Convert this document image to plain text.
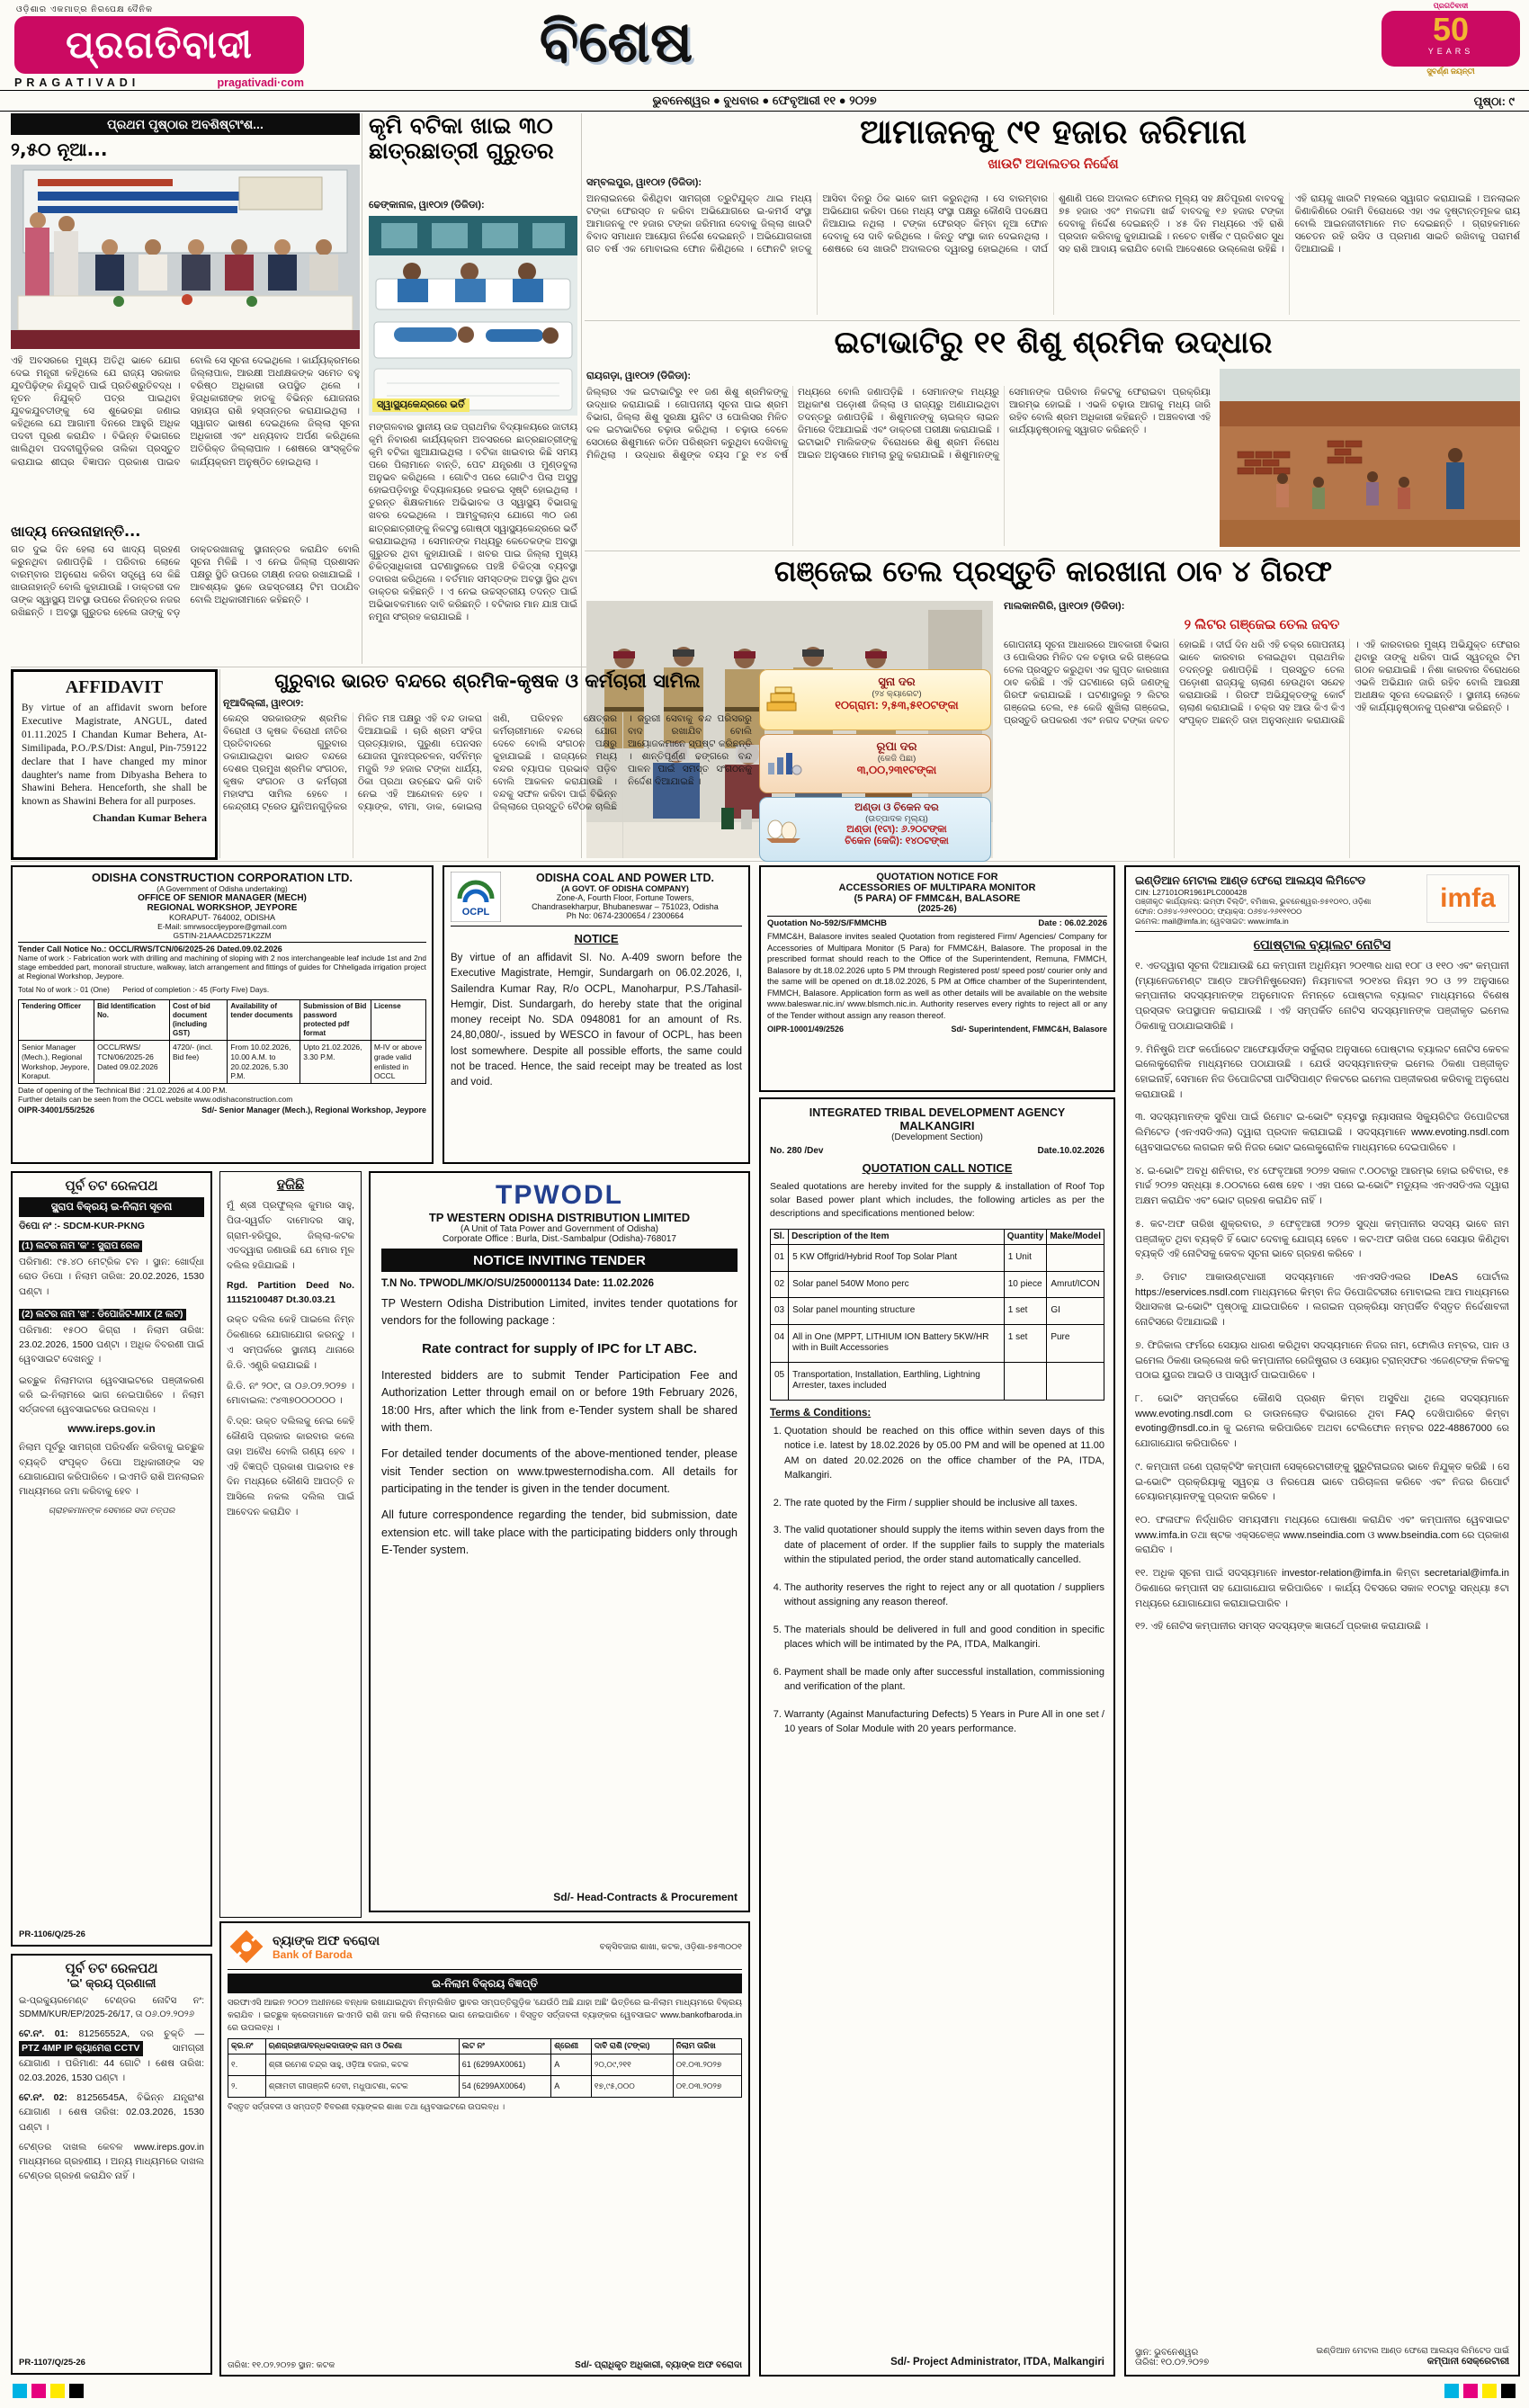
ଓଡ଼ିଶାର ଏକମାତ୍ର ନିରପେକ୍ଷ ଦୈନିକ
ପ୍ରଗତିବାଦୀ
PRAGATIVADI	pragativadi·com
ବିଶେଷ
ପ୍ରଗତିବାଦୀ
50
YEARS
ସୁବର୍ଣ୍ଣ ଜୟନ୍ତୀ
ଭୁବନେଶ୍ୱର ● ବୁଧବାର ● ଫେବୃଆରୀ ୧୧ ● ୨୦୨୭	ପୃଷ୍ଠା: ୯
ପ୍ରଥମ ପୃଷ୍ଠାର ଅବଶିଷ୍ଟାଂଶ...
୨,୫୦ ନୂଆ...
ଏହି ଅବସରରେ ମୁଖ୍ୟ ଅତିଥି ଭାବେ ଯୋଗ ଦେଇ ମନ୍ତ୍ରୀ କହିଥିଲେ ଯେ ରାଜ୍ୟ ସରକାର ଯୁବପିଢ଼ିଙ୍କ ନିଯୁକ୍ତି ପାଇଁ ପ୍ରତିଶ୍ରୁତିବଦ୍ଧ । ନୂତନ ନିଯୁକ୍ତି ପତ୍ର ପାଇଥିବା ଯୁବକଯୁବତୀଙ୍କୁ ସେ ଶୁଭେଚ୍ଛା ଜଣାଇ କହିଥିଲେ ଯେ ଆଗାମୀ ଦିନରେ ଆହୁରି ଅଧିକ ପଦବୀ ପୂରଣ କରାଯିବ । ବିଭିନ୍ନ ବିଭାଗରେ ଖାଲିଥିବା ପଦବୀଗୁଡ଼ିକର ତାଲିକା ପ୍ରସ୍ତୁତ କରାଯାଇ ଶୀଘ୍ର ବିଜ୍ଞାପନ ପ୍ରକାଶ ପାଇବ ବୋଲି ସେ ସୂଚନା ଦେଇଥିଲେ । କାର୍ଯ୍ୟକ୍ରମରେ ଜିଲ୍ଲାପାଳ, ଆରକ୍ଷୀ ଅଧୀକ୍ଷକଙ୍କ ସମେତ ବହୁ ବରିଷ୍ଠ ଅଧିକାରୀ ଉପସ୍ଥିତ ଥିଲେ । ହିତାଧିକାରୀଙ୍କ ହାତକୁ ବିଭିନ୍ନ ଯୋଜନାର ସହାୟତା ରାଶି ହସ୍ତାନ୍ତର କରାଯାଇଥିଲା । ସ୍ୱାଗତ ଭାଷଣ ଦେଇଥିଲେ ଜିଲ୍ଲା ସୂଚନା ଅଧିକାରୀ ଏବଂ ଧନ୍ୟବାଦ ଅର୍ପଣ କରିଥିଲେ ଅତିରିକ୍ତ ଜିଲ୍ଲାପାଳ । ଶେଷରେ ସାଂସ୍କୃତିକ କାର୍ଯ୍ୟକ୍ରମ ଅନୁଷ୍ଠିତ ହୋଇଥିଲା ।
ଖାଦ୍ୟ ନେଉନାହାନ୍ତି...
ଗତ ଦୁଇ ଦିନ ହେଲା ସେ ଖାଦ୍ୟ ଗ୍ରହଣ କରୁନଥିବା ଜଣାପଡ଼ିଛି । ପରିବାର ଲୋକେ ବାରମ୍ବାର ଅନୁରୋଧ କରିବା ସତ୍ତ୍ୱେ ସେ କିଛି ଖାଉନାହାନ୍ତି ବୋଲି କୁହାଯାଉଛି । ଡାକ୍ତରୀ ଦଳ ତାଙ୍କ ସ୍ୱାସ୍ଥ୍ୟ ଅବସ୍ଥା ଉପରେ ନିରନ୍ତର ନଜର ରଖିଛନ୍ତି । ଅବସ୍ଥା ଗୁରୁତର ହେଲେ ତାଙ୍କୁ ବଡ଼ ଡାକ୍ତରଖାନାକୁ ସ୍ଥାନାନ୍ତର କରାଯିବ ବୋଲି ସୂଚନା ମିଳିଛି । ଏ ନେଇ ଜିଲ୍ଲା ପ୍ରଶାସନ ପକ୍ଷରୁ ସ୍ଥିତି ଉପରେ ତୀକ୍ଷ୍ଣ ନଜର ରଖାଯାଇଛି । ଆବଶ୍ୟକ ସ୍ଥଳେ ଉଚ୍ଚସ୍ତରୀୟ ଟିମ ପଠାଯିବ ବୋଲି ଅଧିକାରୀମାନେ କହିଛନ୍ତି ।
କୃମି ବଟିକା ଖାଇ ୩୦ ଛାତ୍ରଛାତ୍ରୀ ଗୁରୁତର
ଢେଙ୍କାନାଳ, ୱା୧୦ା୨ (ଡିଜିଡା):
ସ୍ୱାସ୍ଥ୍ୟକେନ୍ଦ୍ରରେ ଭର୍ତି
ମଙ୍ଗଳବାର ସ୍ଥାନୀୟ ଉଚ୍ଚ ପ୍ରାଥମିକ ବିଦ୍ୟାଳୟରେ ଜାତୀୟ କୃମି ନିବାରଣ କାର୍ଯ୍ୟକ୍ରମ ଅବସରରେ ଛାତ୍ରଛାତ୍ରୀଙ୍କୁ କୃମି ବଟିକା ଖୁଆଯାଇଥିଲା । ବଟିକା ଖାଇବାର କିଛି ସମୟ ପରେ ପିଲାମାନେ ବାନ୍ତି, ପେଟ ଯନ୍ତ୍ରଣା ଓ ମୁଣ୍ଡବୁଲା ଅନୁଭବ କରିଥିଲେ । ଗୋଟିଏ ପରେ ଗୋଟିଏ ପିଲା ଅସୁସ୍ଥ ହୋଇପଡ଼ିବାରୁ ବିଦ୍ୟାଳୟରେ ହଇଚଇ ସୃଷ୍ଟି ହୋଇଥିଲା । ତୁରନ୍ତ ଶିକ୍ଷକମାନେ ଅଭିଭାବକ ଓ ସ୍ୱାସ୍ଥ୍ୟ ବିଭାଗକୁ ଖବର ଦେଇଥିଲେ । ଆମ୍ବୁଲାନ୍ସ ଯୋଗେ ୩୦ ଜଣ ଛାତ୍ରଛାତ୍ରୀଙ୍କୁ ନିକଟସ୍ଥ ଗୋଷ୍ଠୀ ସ୍ୱାସ୍ଥ୍ୟକେନ୍ଦ୍ରରେ ଭର୍ତି କରାଯାଇଥିଲା । ସେମାନଙ୍କ ମଧ୍ୟରୁ କେତେକଙ୍କ ଅବସ୍ଥା ଗୁରୁତର ଥିବା କୁହାଯାଉଛି । ଖବର ପାଇ ଜିଲ୍ଲା ମୁଖ୍ୟ ଚିକିତ୍ସାଧିକାରୀ ଘଟଣାସ୍ଥଳରେ ପହଞ୍ଚି ଚିକିତ୍ସା ବ୍ୟବସ୍ଥା ତଦାରଖ କରିଥିଲେ । ବର୍ତମାନ ସମସ୍ତଙ୍କ ଅବସ୍ଥା ସ୍ଥିର ଥିବା ଡାକ୍ତର କହିଛନ୍ତି । ଏ ନେଇ ଉଚ୍ଚସ୍ତରୀୟ ତଦନ୍ତ ପାଇଁ ଅଭିଭାବକମାନେ ଦାବି କରିଛନ୍ତି । ବଟିକାର ମାନ ଯାଞ୍ଚ ପାଇଁ ନମୁନା ସଂଗ୍ରହ କରାଯାଇଛି ।
ଆମାଜନକୁ ୯୧ ହଜାର ଜରିମାନା
ଖାଉଟି ଅଦାଲତର ନିର୍ଦ୍ଦେଶ
ସମ୍ବଲପୁର, ୱା୧୦ା୨ (ଡିଜିଡା):
ଅନଲାଇନରେ କିଣିଥିବା ସାମଗ୍ରୀ ତ୍ରୁଟିଯୁକ୍ତ ଥାଇ ମଧ୍ୟ ଟଙ୍କା ଫେରସ୍ତ ନ କରିବା ଅଭିଯୋଗରେ ଇ-କମର୍ସ ସଂସ୍ଥା ଆମାଜନକୁ ୯୧ ହଜାର ଟଙ୍କା ଜରିମାନା ଦେବାକୁ ଜିଲ୍ଲା ଖାଉଟି ବିବାଦ ସମାଧାନ ଆୟୋଗ ନିର୍ଦ୍ଦେଶ ଦେଇଛନ୍ତି । ଅଭିଯୋଗକାରୀ ଗତ ବର୍ଷ ଏକ ମୋବାଇଲ ଫୋନ କିଣିଥିଲେ । ଫୋନଟି ହାତକୁ ଆସିବା ଦିନରୁ ଠିକ ଭାବେ କାମ କରୁନଥିଲା । ସେ ବାରମ୍ବାର ଅଭିଯୋଗ କରିବା ପରେ ମଧ୍ୟ ସଂସ୍ଥା ପକ୍ଷରୁ କୌଣସି ପଦକ୍ଷେପ ନିଆଯାଇ ନଥିଲା । ଟଙ୍କା ଫେରସ୍ତ କିମ୍ବା ନୂଆ ଫୋନ ଦେବାକୁ ସେ ଦାବି କରିଥିଲେ । କିନ୍ତୁ ସଂସ୍ଥା କାନ ଦେଇନଥିଲା । ଶେଷରେ ସେ ଖାଉଟି ଅଦାଲତର ଦ୍ୱାରସ୍ଥ ହୋଇଥିଲେ । ଦୀର୍ଘ ଶୁଣାଣି ପରେ ଅଦାଲତ ଫୋନର ମୂଲ୍ୟ ସହ କ୍ଷତିପୂରଣ ବାବଦକୁ ୭୫ ହଜାର ଏବଂ ମକଦ୍ଦମା ଖର୍ଚ୍ଚ ବାବଦକୁ ୧୬ ହଜାର ଟଙ୍କା ଦେବାକୁ ନିର୍ଦ୍ଦେଶ ଦେଇଛନ୍ତି । ୪୫ ଦିନ ମଧ୍ୟରେ ଏହି ରାଶି ପ୍ରଦାନ କରିବାକୁ କୁହାଯାଇଛି । ନଚେତ ବାର୍ଷିକ ୯ ପ୍ରତିଶତ ସୁଧ ସହ ରାଶି ଆଦାୟ କରାଯିବ ବୋଲି ଆଦେଶରେ ଉଲ୍ଲେଖ ରହିଛି । ଏହି ରାୟକୁ ଖାଉଟି ମହଲରେ ସ୍ୱାଗତ କରାଯାଇଛି । ଅନଲାଇନ କିଣାକିଣିରେ ଠକାମି ବିରୋଧରେ ଏହା ଏକ ଦୃଷ୍ଟାନ୍ତମୂଳକ ରାୟ ବୋଲି ଆଇନଜୀବୀମାନେ ମତ ଦେଇଛନ୍ତି । ଗ୍ରାହକମାନେ ସଚେତନ ରହି ରସିଦ ଓ ପ୍ରମାଣ ସାଇତି ରଖିବାକୁ ପରାମର୍ଶ ଦିଆଯାଇଛି ।
ଇଟାଭାଟିରୁ ୧୧ ଶିଶୁ ଶ୍ରମିକ ଉଦ୍ଧାର
ରାୟଗଡ଼ା, ୱା୧୦ା୨ (ଡିଜିଡା):
ଜିଲ୍ଲାର ଏକ ଇଟାଭାଟିରୁ ୧୧ ଜଣ ଶିଶୁ ଶ୍ରମିକଙ୍କୁ ଉଦ୍ଧାର କରାଯାଇଛି । ଗୋପନୀୟ ସୂଚନା ପାଇ ଶ୍ରମ ବିଭାଗ, ଜିଲ୍ଲା ଶିଶୁ ସୁରକ୍ଷା ୟୁନିଟ ଓ ପୋଲିସର ମିଳିତ ଦଳ ଇଟାଭାଟିରେ ଚଢ଼ାଉ କରିଥିଲା । ଚଢ଼ାଉ ବେଳେ ସେଠାରେ ଶିଶୁମାନେ କଠିନ ପରିଶ୍ରମ କରୁଥିବା ଦେଖିବାକୁ ମିଳିଥିଲା । ଉଦ୍ଧାର ଶିଶୁଙ୍କ ବୟସ ୮ରୁ ୧୪ ବର୍ଷ ମଧ୍ୟରେ ବୋଲି ଜଣାପଡ଼ିଛି । ସେମାନଙ୍କ ମଧ୍ୟରୁ ଅଧିକାଂଶ ପଡ଼ୋଶୀ ଜିଲ୍ଲା ଓ ରାଜ୍ୟରୁ ଅଣାଯାଇଥିବା ତଦନ୍ତରୁ ଜଣାପଡ଼ିଛି । ଶିଶୁମାନଙ୍କୁ ଚାଇଲ୍ଡ ଲାଇନ ଜିମାରେ ଦିଆଯାଇଛି ଏବଂ ଡାକ୍ତରୀ ପରୀକ୍ଷା କରାଯାଇଛି । ଇଟାଭାଟି ମାଲିକଙ୍କ ବିରୋଧରେ ଶିଶୁ ଶ୍ରମ ନିରୋଧ ଆଇନ ଅନୁସାରେ ମାମଲା ରୁଜୁ କରାଯାଇଛି । ଶିଶୁମାନଙ୍କୁ ସେମାନଙ୍କ ପରିବାର ନିକଟକୁ ଫେରାଇବା ପ୍ରକ୍ରିୟା ଆରମ୍ଭ ହୋଇଛି । ଏଭଳି ଚଢ଼ାଉ ଆଗକୁ ମଧ୍ୟ ଜାରି ରହିବ ବୋଲି ଶ୍ରମ ଅଧିକାରୀ କହିଛନ୍ତି । ଅଞ୍ଚଳବାସୀ ଏହି କାର୍ଯ୍ୟାନୁଷ୍ଠାନକୁ ସ୍ୱାଗତ କରିଛନ୍ତି ।
ଗଞ୍ଜେଇ ତେଲ ପ୍ରସ୍ତୁତି କାରଖାନା ଠାବ ୪ ଗିରଫ
ମାଲକାନଗିରି, ୱା୧୦ା୨ (ଡିଜିଡା):
୨ ଲିଟର ଗଞ୍ଜେଇ ତେଲ ଜବତ
ଗୋପନୀୟ ସୂଚନା ଆଧାରରେ ଆବକାରୀ ବିଭାଗ ଓ ପୋଲିସର ମିଳିତ ଦଳ ଚଢ଼ାଉ କରି ଗଞ୍ଜେଇ ତେଲ ପ୍ରସ୍ତୁତ କରୁଥିବା ଏକ ଗୁପ୍ତ କାରଖାନା ଠାବ କରିଛି । ଏହି ଘଟଣାରେ ଚାରି ଜଣଙ୍କୁ ଗିରଫ କରାଯାଇଛି । ଘଟଣାସ୍ଥଳରୁ ୨ ଲିଟର ଗଞ୍ଜେଇ ତେଲ, ୧୫ କେଜି ଶୁଖିଲା ଗଞ୍ଜେଇ, ପ୍ରସ୍ତୁତି ଉପକରଣ ଏବଂ ନଗଦ ଟଙ୍କା ଜବତ ହୋଇଛି । ଦୀର୍ଘ ଦିନ ଧରି ଏହି ଚକ୍ର ଗୋପନୀୟ ଭାବେ କାରବାର ଚଳାଇଥିବା ପ୍ରାଥମିକ ତଦନ୍ତରୁ ଜଣାପଡ଼ିଛି । ପ୍ରସ୍ତୁତ ତେଲ ପଡ଼ୋଶୀ ରାଜ୍ୟକୁ ଚାଲାଣ ହେଉଥିବା ସନ୍ଦେହ କରାଯାଉଛି । ଗିରଫ ଅଭିଯୁକ୍ତଙ୍କୁ କୋର୍ଟ ଚାଲାଣ କରାଯାଇଛି । ଚକ୍ର ସହ ଆଉ କିଏ କିଏ ସଂପୃକ୍ତ ଅଛନ୍ତି ତାହା ଅନୁସନ୍ଧାନ କରାଯାଉଛି । ଏହି କାରବାରର ମୁଖ୍ୟ ଅଭିଯୁକ୍ତ ଫେରାର ଥିବାରୁ ତାଙ୍କୁ ଧରିବା ପାଇଁ ସ୍ୱତନ୍ତ୍ର ଟିମ ଗଠନ କରାଯାଇଛି । ନିଶା କାରବାର ବିରୋଧରେ ଏଭଳି ଅଭିଯାନ ଜାରି ରହିବ ବୋଲି ଆରକ୍ଷୀ ଅଧୀକ୍ଷକ ସୂଚନା ଦେଇଛନ୍ତି । ସ୍ଥାନୀୟ ଲୋକେ ଏହି କାର୍ଯ୍ୟାନୁଷ୍ଠାନକୁ ପ୍ରଶଂସା କରିଛନ୍ତି ।
AFFIDAVIT
By virtue of an affidavit sworn before Executive Magistrate, ANGUL, dated 01.11.2025 I Chandan Kumar Behera, At-Similipada, P.O./P.S/Dist: Angul, Pin-759122 declare that I have changed my minor daughter's name from Dibyasha Behera to Shawini Behera. Henceforth, she shall be known as Shawini Behera for all purposes.
Chandan Kumar Behera
ଗୁରୁବାର ଭାରତ ବନ୍ଦରେ ଶ୍ରମିକ-କୃଷକ ଓ କର୍ମଚାରୀ ସାମିଲ
ନୂଆଦିଲ୍ଲୀ, ୱା୧୦ା୨:
କେନ୍ଦ୍ର ସରକାରଙ୍କ ଶ୍ରମିକ ବିରୋଧୀ ଓ କୃଷକ ବିରୋଧୀ ନୀତିର ପ୍ରତିବାଦରେ ଗୁରୁବାର ଡକାଯାଇଥିବା ଭାରତ ବନ୍ଦରେ ଦେଶର ପ୍ରମୁଖ ଶ୍ରମିକ ସଂଗଠନ, କୃଷକ ସଂଗଠନ ଓ କର୍ମଚାରୀ ମହାସଂଘ ସାମିଲ ହେବେ । କେନ୍ଦ୍ରୀୟ ଟ୍ରେଡ ୟୁନିଅନଗୁଡ଼ିକର ମିଳିତ ମଞ୍ଚ ପକ୍ଷରୁ ଏହି ବନ୍ଦ ଡାକରା ଦିଆଯାଇଛି । ଚାରି ଶ୍ରମ ସଂହିତା ପ୍ରତ୍ୟାହାର, ପୁରୁଣା ପେନସନ ଯୋଜନା ପୁନଃପ୍ରଚଳନ, ସର୍ବନିମ୍ନ ମଜୁରି ୨୬ ହଜାର ଟଙ୍କା ଧାର୍ଯ୍ୟ, ଠିକା ପ୍ରଥା ଉଚ୍ଛେଦ ଭଳି ଦାବି ନେଇ ଏହି ଆନ୍ଦୋଳନ ହେବ । ବ୍ୟାଙ୍କ, ବୀମା, ଡାକ, କୋଇଲା ଖଣି, ପରିବହନ କ୍ଷେତ୍ରର କର୍ମଚାରୀମାନେ ବନ୍ଦରେ ଯୋଗ ଦେବେ ବୋଲି ସଂଗଠନ ପକ୍ଷରୁ କୁହାଯାଇଛି । ରାଜ୍ୟରେ ମଧ୍ୟ ବନ୍ଦର ବ୍ୟାପକ ପ୍ରଭାବ ପଡ଼ିବ ବୋଲି ଆକଳନ କରାଯାଉଛି । ବନ୍ଦକୁ ସଫଳ କରିବା ପାଇଁ ବିଭିନ୍ନ ଜିଲ୍ଲାରେ ପ୍ରସ୍ତୁତି ବୈଠକ ଚାଲିଛି । ଜରୁରୀ ସେବାକୁ ବନ୍ଦ ପରିସରରୁ ବାଦ ରଖାଯିବ ବୋଲି ଆୟୋଜକମାନେ ସ୍ପଷ୍ଟ କରିଛନ୍ତି । ଶାନ୍ତିପୂର୍ଣ୍ଣ ଢଙ୍ଗରେ ବନ୍ଦ ପାଳନ ପାଇଁ ସମସ୍ତ ସଂଗଠନକୁ ନିର୍ଦ୍ଦେଶ ଦିଆଯାଇଛି ।
ସୁନା ଦର
(୨୪ କ୍ୟାରେଟ)
୧୦ଗ୍ରାମ: ୨,୫୩,୫୧୦ଟଙ୍କା
ରୂପା ଦର
(କେଜି ପିଛା)
୩,୦୦,୨୩୧ଟଙ୍କା
ଅଣ୍ଡା ଓ ଚିକେନ ଦର
(ଉତ୍ପାଦକ ମୂଲ୍ୟ)
ଅଣ୍ଡା (୧ଟା): ୬.୨୦ଟଙ୍କା
ଚିକେନ (କେଜି): ୧୪୦ଟଙ୍କା
ODISHA CONSTRUCTION CORPORATION LTD.
(A Government of Odisha undertaking)
OFFICE OF SENIOR MANAGER (MECH)
REGIONAL WORKSHOP, JEYPORE
KORAPUT- 764002, ODISHA
E-Mail: smrwsoccljeypore@gmail.com
GSTIN-21AAACD2571K2ZM
Tender Call Notice No.: OCCL/RWS/TCN/06/2025-26 Dated.09.02.2026
Name of work :- Fabrication work with drilling and machining of sloping with 2 nos interchangeable leaf include 1st and 2nd stage embedded part, monorail structure, walkway, latch arrangement and fittings of guides for Chheligada irrigation project at Regional Workshop, Jeypore.
Total No of work :- 01 (One) Period of completion :- 45 (Forty Five) Days.
Tendering Officer	Bid Identification No.	Cost of bid document (including GST)	Availability of tender documents	Submission of Bid password protected pdf format	License
Senior Manager (Mech.), Regional Workshop, Jeypore, Koraput.	OCCL/RWS/ TCN/06/2025-26 Dated 09.02.2026	4720/- (incl. Bid fee)	From 10.02.2026, 10.00 A.M. to 20.02.2026, 5.30 P.M.	Upto 21.02.2026, 3.30 P.M.	M-IV or above grade valid enlisted in OCCL
Date of opening of the Technical Bid : 21.02.2026 at 4.00 P.M.
Further details can be seen from the OCCL website www.odishaconstruction.com
OIPR-34001/55/2526	Sd/- Senior Manager (Mech.), Regional Workshop, Jeypore
OCPL
ODISHA COAL AND POWER LTD.
(A GOVT. OF ODISHA COMPANY)
Zone-A, Fourth Floor, Fortune Towers,
Chandrasekharpur, Bhubaneswar – 751023, Odisha
Ph No: 0674-2300654 / 2300664
NOTICE
By virtue of an affidavit SI. No. A-409 sworn before the Executive Magistrate, Hemgir, Sundargarh on 06.02.2026, I, Sailendra Kumar Ray, R/o OCPL, Manoharpur, P.S./Tahasil-Hemgir, Dist. Sundargarh, do hereby state that the original money receipt No. SDA 0948081 for an amount of Rs. 24,80,080/-, issued by WESCO in favour of OCPL, has been lost somewhere. Despite all possible efforts, the same could not be traced. Hence, the said receipt may be treated as lost and void.
QUOTATION NOTICE FOR
ACCESSORIES OF MULTIPARA MONITOR
(5 PARA) OF FMMC&H, BALASORE
(2025-26)
Quotation No-592/S/FMMCHB	Date : 06.02.2026
FMMC&H, Balasore invites sealed Quotation from registered Firm/ Agencies/ Company for Accessories of Multipara Monitor (5 Para) for FMMC&H, Balasore. The proposal in the prescribed format should reach to the Office of the Superintendent, Remuna, FMMCH, Balasore by dt.18.02.2026 upto 5 PM through Registered post/ speed post/ courier only and the same will be opened on dt.18.02.2026, 5 PM at Office chamber of the Superintendent, FMMCH, Balasore. Application form as well as other details will be available on the website www.baleswar.nic.in/ www.blsmch.nic.in. Authority reserves every rights to reject all or any of the Tender without assign any reason thereof.
OIPR-10001/49/2526	Sd/- Superintendent, FMMC&H, Balasore
INTEGRATED TRIBAL DEVELOPMENT AGENCY
MALKANGIRI
(Development Section)
No. 280 /Dev	Date.10.02.2026
QUOTATION CALL NOTICE
Sealed quotations are hereby invited for the supply & installation of Roof Top solar Based power plant which includes, the following articles as per the descriptions and specifications mentioned below:
Sl.	Description of the Item	Quantity	Make/Model
01	5 KW Offgrid/Hybrid Roof Top Solar Plant	1 Unit	
02	Solar panel 540W Mono perc	10 piece	Amrut/ICON
03	Solar panel mounting structure	1 set	GI
04	All in One (MPPT, LITHIUM ION Battery 5KW/HR with in Built Accessories	1 set	Pure
05	Transportation, Installation, Earthling, Lightning Arrester, taxes included		
Terms & Conditions:
1. Quotation should be reached on this office within seven days of this notice i.e. latest by 18.02.2026 by 05.00 PM and will be opened at 11.00 AM on dated 20.02.2026 on the office chamber of the PA, ITDA, Malkangiri.
2. The rate quoted by the Firm / supplier should be inclusive all taxes.
3. The valid quotationer should supply the items within seven days from the date of placement of order. If the supplier fails to supply the materials within the stipulated period, the order stand automatically cancelled.
4. The authority reserves the right to reject any or all quotation / suppliers without assigning any reason thereof.
5. The materials should be delivered in full and good condition in specific places which will be intimated by the PA, ITDA, Malkangiri.
6. Payment shall be made only after successful installation, commissioning and verification of the plant.
7. Warranty (Against Manufacturing Defects) 5 Years in Pure All in one set / 10 years of Solar Module with 20 years performance.
Sd/- Project Administrator, ITDA, Malkangiri
ଇଣ୍ଡିଆନ ମେଟାଲ ଆଣ୍ଡ ଫେରୋ ଆଲୟସ ଲିମିଟେଡ
CIN: L27101OR1961PLC000428
ପଞ୍ଜୀକୃତ କାର୍ଯ୍ୟାଳୟ: ଇମ୍ଫା ବିଲ୍ଡିଂ, ବମିଖାଲ, ଭୁବନେଶ୍ୱର-୭୫୧୦୧୦, ଓଡ଼ିଶା
ଫୋନ: ୦୬୭୪-୨୬୧୧୦୦୦; ଫ୍ୟାକ୍ସ: ୦୬୭୪-୨୬୧୧୧୦୦
ଇମେଲ: mail@imfa.in; ୱେବସାଇଟ: www.imfa.in
imfa
ପୋଷ୍ଟାଲ ବ୍ୟାଲଟ ନୋଟିସ

୧. ଏତଦ୍ୱାରା ସୂଚନା ଦିଆଯାଉଛି ଯେ କମ୍ପାନୀ ଅଧିନିୟମ ୨୦୧୩ର ଧାରା ୧୦୮ ଓ ୧୧୦ ଏବଂ କମ୍ପାନୀ (ମ୍ୟାନେଜମେଣ୍ଟ ଆଣ୍ଡ ଆଡମିନିଷ୍ଟ୍ରେସନ) ନିୟମାବଳୀ ୨୦୧୪ର ନିୟମ ୨୦ ଓ ୨୨ ଅନୁସାରେ କମ୍ପାନୀର ସଦସ୍ୟମାନଙ୍କ ଅନୁମୋଦନ ନିମନ୍ତେ ପୋଷ୍ଟାଲ ବ୍ୟାଲଟ ମାଧ୍ୟମରେ ବିଶେଷ ପ୍ରସ୍ତାବ ଉପସ୍ଥାପନ କରାଯାଉଛି । ଏହି ସମ୍ପର୍କିତ ନୋଟିସ ସଦସ୍ୟମାନଙ୍କ ପଞ୍ଜୀକୃତ ଇମେଲ ଠିକଣାକୁ ପଠାଯାଇସାରିଛି ।

୨. ମିନିଷ୍ଟ୍ରି ଅଫ କର୍ପୋରେଟ ଆଫେୟାର୍ସଙ୍କ ସର୍କୁଲାର ଅନୁସାରେ ପୋଷ୍ଟାଲ ବ୍ୟାଲଟ ନୋଟିସ କେବଳ ଇଲେକ୍ଟ୍ରୋନିକ ମାଧ୍ୟମରେ ପଠାଯାଉଛି । ଯେଉଁ ସଦସ୍ୟମାନଙ୍କ ଇମେଲ ଠିକଣା ପଞ୍ଜୀକୃତ ହୋଇନାହିଁ, ସେମାନେ ନିଜ ଡିପୋଜିଟରୀ ପାର୍ଟିସିପାଣ୍ଟ ନିକଟରେ ଇମେଲ ପଞ୍ଜୀକରଣ କରିବାକୁ ଅନୁରୋଧ କରାଯାଉଛି ।

୩. ସଦସ୍ୟମାନଙ୍କ ସୁବିଧା ପାଇଁ ରିମୋଟ ଇ-ଭୋଟିଂ ବ୍ୟବସ୍ଥା ନ୍ୟାସନାଲ ସିକ୍ୟୁରିଟିଜ ଡିପୋଜିଟରୀ ଲିମିଟେଡ (ଏନଏସଡିଏଲ) ଦ୍ୱାରା ପ୍ରଦାନ କରାଯାଇଛି । ସଦସ୍ୟମାନେ www.evoting.nsdl.com ୱେବସାଇଟରେ ଲଗଇନ କରି ନିଜର ଭୋଟ ଇଲେକ୍ଟ୍ରୋନିକ ମାଧ୍ୟମରେ ଦେଇପାରିବେ ।

୪. ଇ-ଭୋଟିଂ ଅବଧି ଶନିବାର, ୧୪ ଫେବୃଆରୀ ୨୦୨୭ ସକାଳ ୯.୦୦ଟାରୁ ଆରମ୍ଭ ହୋଇ ରବିବାର, ୧୫ ମାର୍ଚ୍ଚ ୨୦୨୭ ସନ୍ଧ୍ୟା ୫.୦୦ଟାରେ ଶେଷ ହେବ । ଏହା ପରେ ଇ-ଭୋଟିଂ ମଡ୍ୟୁଲ ଏନଏସଡିଏଲ ଦ୍ୱାରା ଅକ୍ଷମ କରାଯିବ ଏବଂ ଭୋଟ ଗ୍ରହଣ କରାଯିବ ନାହିଁ ।

୫. କଟ-ଅଫ ତାରିଖ ଶୁକ୍ରବାର, ୬ ଫେବୃଆରୀ ୨୦୨୭ ସୁଦ୍ଧା କମ୍ପାନୀର ସଦସ୍ୟ ଭାବେ ନାମ ପଞ୍ଜୀକୃତ ଥିବା ବ୍ୟକ୍ତି ହିଁ ଭୋଟ ଦେବାକୁ ଯୋଗ୍ୟ ହେବେ । କଟ-ଅଫ ତାରିଖ ପରେ ସେୟାର କିଣିଥିବା ବ୍ୟକ୍ତି ଏହି ନୋଟିସକୁ କେବଳ ସୂଚନା ଭାବେ ଗ୍ରହଣ କରିବେ ।

୬. ଡିମାଟ ଆକାଉଣ୍ଟଧାରୀ ସଦସ୍ୟମାନେ ଏନଏସଡିଏଲର IDeAS ପୋର୍ଟାଲ https://eservices.nsdl.com ମାଧ୍ୟମରେ କିମ୍ବା ନିଜ ଡିପୋଜିଟରୀର ମୋବାଇଲ ଆପ ମାଧ୍ୟମରେ ସିଧାସଳଖ ଇ-ଭୋଟିଂ ପୃଷ୍ଠାକୁ ଯାଇପାରିବେ । ଲଗଇନ ପ୍ରକ୍ରିୟା ସମ୍ପର୍କିତ ବିସ୍ତୃତ ନିର୍ଦ୍ଦେଶାବଳୀ ନୋଟିସରେ ଦିଆଯାଇଛି ।

୭. ଫିଜିକାଲ ଫର୍ମରେ ସେୟାର ଧାରଣ କରିଥିବା ସଦସ୍ୟମାନେ ନିଜର ନାମ, ଫୋଲିଓ ନମ୍ବର, ପାନ ଓ ଇମେଲ ଠିକଣା ଉଲ୍ଲେଖ କରି କମ୍ପାନୀର ରେଜିଷ୍ଟ୍ରାର ଓ ସେୟାର ଟ୍ରାନ୍ସଫର ଏଜେଣ୍ଟଙ୍କ ନିକଟକୁ ପଠାଇ ୟୁଜର ଆଇଡି ଓ ପାସୱାର୍ଡ ପାଇପାରିବେ ।

୮. ଭୋଟିଂ ସମ୍ପର୍କରେ କୌଣସି ପ୍ରଶ୍ନ କିମ୍ବା ଅସୁବିଧା ଥିଲେ ସଦସ୍ୟମାନେ www.evoting.nsdl.com ର ଡାଉନଲୋଡ ବିଭାଗରେ ଥିବା FAQ ଦେଖିପାରିବେ କିମ୍ବା evoting@nsdl.co.in କୁ ଇମେଲ କରିପାରିବେ ଅଥବା ଟେଲିଫୋନ ନମ୍ବର 022-48867000 ରେ ଯୋଗାଯୋଗ କରିପାରିବେ ।

୯. କମ୍ପାନୀ ଜଣେ ପ୍ରାକ୍ଟିସିଂ କମ୍ପାନୀ ସେକ୍ରେଟାରୀଙ୍କୁ ସ୍କ୍ରୁଟିନାଇଜର ଭାବେ ନିଯୁକ୍ତ କରିଛି । ସେ ଇ-ଭୋଟିଂ ପ୍ରକ୍ରିୟାକୁ ସ୍ୱଚ୍ଛ ଓ ନିରପେକ୍ଷ ଭାବେ ପରିଚାଳନା କରିବେ ଏବଂ ନିଜର ରିପୋର୍ଟ ଚେୟାରମ୍ୟାନଙ୍କୁ ପ୍ରଦାନ କରିବେ ।

୧୦. ଫଳାଫଳ ନିର୍ଦ୍ଧାରିତ ସମୟସୀମା ମଧ୍ୟରେ ଘୋଷଣା କରାଯିବ ଏବଂ କମ୍ପାନୀର ୱେବସାଇଟ www.imfa.in ତଥା ଷ୍ଟକ ଏକ୍ସଚେଞ୍ଜ www.nseindia.com ଓ www.bseindia.com ରେ ପ୍ରକାଶ କରାଯିବ ।

୧୧. ଅଧିକ ସୂଚନା ପାଇଁ ସଦସ୍ୟମାନେ investor-relation@imfa.in କିମ୍ବା secretarial@imfa.in ଠିକଣାରେ କମ୍ପାନୀ ସହ ଯୋଗାଯୋଗ କରିପାରିବେ । କାର୍ଯ୍ୟ ଦିବସରେ ସକାଳ ୧୦ଟାରୁ ସନ୍ଧ୍ୟା ୫ଟା ମଧ୍ୟରେ ଯୋଗାଯୋଗ କରାଯାଇପାରିବ ।

୧୨. ଏହି ନୋଟିସ କମ୍ପାନୀର ସମସ୍ତ ସଦସ୍ୟଙ୍କ ଜ୍ଞାତାର୍ଥେ ପ୍ରକାଶ କରାଯାଉଛି ।

ସ୍ଥାନ: ଭୁବନେଶ୍ୱର
ତାରିଖ: ୧୦.୦୨.୨୦୨୭
ଇଣ୍ଡିଆନ ମେଟାଲ ଆଣ୍ଡ ଫେରୋ ଆଲୟସ ଲିମିଟେଡ ପାଇଁ
କମ୍ପାନୀ ସେକ୍ରେଟାରୀ
ପୂର୍ବ ତଟ ରେଳପଥ
ସ୍କ୍ରାପ ବିକ୍ରୟ ଇ-ନିଲାମ ସୂଚନା
ଡିପୋ ନଂ :- SDCM-KUR-PKNG
(1) ଲଟର ନାମ 'କ' : ସ୍କ୍ରାପ ରେଳ
ପରିମାଣ: ୯୫.୪୦ ମେଟ୍ରିକ ଟନ । ସ୍ଥାନ: ଖୋର୍ଦ୍ଧା ରୋଡ ଡିପୋ । ନିଲାମ ତାରିଖ: 20.02.2026, 1530 ଘଣ୍ଟା ।
(2) ଲଟର ନାମ 'ଖ' : ଡିପୋଜିଟ-MIX (2 ଲଟ)
ପରିମାଣ: ୧୫୦୦ କିଗ୍ରା । ନିଲାମ ତାରିଖ: 23.02.2026, 1500 ଘଣ୍ଟା । ଅଧିକ ବିବରଣୀ ପାଇଁ ୱେବସାଇଟ ଦେଖନ୍ତୁ ।
ଇଚ୍ଛୁକ ନିଲାମଦାତା ୱେବସାଇଟରେ ପଞ୍ଜୀକରଣ କରି ଇ-ନିଲାମରେ ଭାଗ ନେଇପାରିବେ । ନିଲାମ ସର୍ତ୍ତାବଳୀ ୱେବସାଇଟରେ ଉପଲବ୍ଧ ।
www.ireps.gov.in
ନିଲାମ ପୂର୍ବରୁ ସାମଗ୍ରୀ ପରିଦର୍ଶନ କରିବାକୁ ଇଚ୍ଛୁକ ବ୍ୟକ୍ତି ସଂପୃକ୍ତ ଡିପୋ ଅଧିକାରୀଙ୍କ ସହ ଯୋଗାଯୋଗ କରିପାରିବେ । ଇଏମଡି ରାଶି ଅନଲାଇନ ମାଧ୍ୟମରେ ଜମା କରିବାକୁ ହେବ ।
ଗ୍ରାହକମାନଙ୍କ ସେବାରେ ସଦା ତତ୍ପର
PR-1106/Q/25-26
ହଜିଛି
ମୁଁ ଶ୍ରୀ ପ୍ରଫୁଲ୍ଲ କୁମାର ସାହୁ, ପିତା-ସ୍ୱର୍ଗତ ଦାମୋଦର ସାହୁ, ଗ୍ରାମ-ହରିପୁର, ଜିଲ୍ଲା-କଟକ ଏତଦ୍ୱାରା ଜଣାଉଛି ଯେ ମୋର ମୂଳ ଦଲିଲ ହଜିଯାଇଛି ।
Rgd. Partition Deed No. 11152100487 Dt.30.03.21
ଉକ୍ତ ଦଲିଲ କେହି ପାଇଲେ ନିମ୍ନ ଠିକଣାରେ ଯୋଗାଯୋଗ କରନ୍ତୁ । ଏ ସମ୍ପର୍କରେ ସ୍ଥାନୀୟ ଥାନାରେ ଜି.ଡି. ଏଣ୍ଟ୍ରି କରାଯାଇଛି ।
ଜି.ଡି. ନଂ ୨୦୯, ତା ୦୬.୦୨.୨୦୨୭ । ମୋବାଇଲ: ୯୪୩୭୦୦୦୦୦୦ ।
ବି.ଦ୍ର: ଉକ୍ତ ଦଲିଲକୁ ନେଇ କେହି କୌଣସି ପ୍ରକାର କାରବାର କଲେ ତାହା ଅବୈଧ ବୋଲି ଗଣ୍ୟ ହେବ । ଏହି ବିଜ୍ଞପ୍ତି ପ୍ରକାଶ ପାଇବାର ୧୫ ଦିନ ମଧ୍ୟରେ କୌଣସି ଆପତ୍ତି ନ ଆସିଲେ ନକଲ ଦଲିଲ ପାଇଁ ଆବେଦନ କରାଯିବ ।
TPWODL
TP WESTERN ODISHA DISTRIBUTION LIMITED
(A Unit of Tata Power and Government of Odisha)
Corporate Office : Burla, Dist.-Sambalpur (Odisha)-768017
NOTICE INVITING TENDER
T.N No. TPWODL/MK/O/SU/2500001134 Date: 11.02.2026
TP Western Odisha Distribution Limited, invites tender quotations for vendors for the following package :
Rate contract for supply of IPC for LT ABC.
Interested bidders are to submit Tender Participation Fee and Authorization Letter through email on or before 19th February 2026, 18:00 Hrs, after which the link from e-Tender system shall be shared with them.
For detailed tender documents of the above-mentioned tender, please visit Tender section on www.tpwesternodisha.com. All details for participating in the tender is given in the tender document.
All future correspondence regarding the tender, bid submission, date extension etc. will take place with the participating bidders only through E-Tender system.
Sd/- Head-Contracts & Procurement
ପୂର୍ବ ତଟ ରେଳପଥ
'ଇ' କ୍ରୟ ପ୍ରଣାଳୀ
ଇ-ପ୍ରକ୍ୟୁରମେଣ୍ଟ ଟେଣ୍ଡର ନୋଟିସ ନଂ: SDMM/KUR/EP/2025-26/17, ତା ୦୬.୦୨.୨୦୨୬
ଟେ.ନଂ. 01: 81256552A, ଦର ଚୁକ୍ତି — PTZ 4MP IP କ୍ୟାମେରା CCTV	ସାମଗ୍ରୀ ଯୋଗାଣ । ପରିମାଣ: 44 ଗୋଟି । ଶେଷ ତାରିଖ: 02.03.2026, 1530 ଘଣ୍ଟା ।
ଟେ.ନଂ. 02: 81256545A, ବିଭିନ୍ନ ଯନ୍ତ୍ରାଂଶ ଯୋଗାଣ । ଶେଷ ତାରିଖ: 02.03.2026, 1530 ଘଣ୍ଟା ।
ଟେଣ୍ଡର ଦାଖଲ କେବଳ www.ireps.gov.in ମାଧ୍ୟମରେ ଗ୍ରହଣୀୟ । ଅନ୍ୟ ମାଧ୍ୟମରେ ଦାଖଲ ଟେଣ୍ଡର ଗ୍ରହଣ କରାଯିବ ନାହିଁ ।
PR-1107/Q/25-26
ବ୍ୟାଙ୍କ ଅଫ ବରୋଦା
Bank of Baroda
ବକ୍ସିବଜାର ଶାଖା, କଟକ, ଓଡ଼ିଶା-୭୫୩୦୦୧
ଇ-ନିଲାମ ବିକ୍ରୟ ବିଜ୍ଞପ୍ତି
ସରଫାଏସି ଆଇନ ୨୦୦୨ ଅଧୀନରେ ବନ୍ଧକ ରଖାଯାଇଥିବା ନିମ୍ନଲିଖିତ ସ୍ଥାବର ସମ୍ପତ୍ତିଗୁଡ଼ିକ 'ଯେଉଁଠି ଅଛି ଯାହା ଅଛି' ଭିତ୍ତିରେ ଇ-ନିଲାମ ମାଧ୍ୟମରେ ବିକ୍ରୟ କରାଯିବ । ଇଚ୍ଛୁକ କ୍ରେତାମାନେ ଇଏମଡି ରାଶି ଜମା କରି ନିଲାମରେ ଭାଗ ନେଇପାରିବେ । ବିସ୍ତୃତ ସର୍ତ୍ତାବଳୀ ବ୍ୟାଙ୍କର ୱେବସାଇଟ www.bankofbaroda.in ରେ ଉପଲବ୍ଧ ।
କ୍ର.ନଂ	ଋଣଗ୍ରହୀତା/ବନ୍ଧକଦାତାଙ୍କ ନାମ ଓ ଠିକଣା	ଲଟ ନଂ	ଶ୍ରେଣୀ	ଦାବି ରାଶି (ଟଙ୍କା)	ନିଲାମ ତାରିଖ
୧.	ଶ୍ରୀ ରମେଶ ଚନ୍ଦ୍ର ସାହୁ, ଓଡ଼ିଆ ବଜାର, କଟକ	61 (6299AX0061)	A	୨୦,୦୯,୨୧୧	୦୧.୦୩.୨୦୨୭
୨.	ଶ୍ରୀମତୀ ଗୀତାଞ୍ଜଳି ଦେବୀ, ମଧୁପାଟଣା, କଟକ	54 (6299AX0064)	A	୧୭,୯୫,୦୦୦	୦୧.୦୩.୨୦୨୭
ବିସ୍ତୃତ ସର୍ତ୍ତାବଳୀ ଓ ସମ୍ପତ୍ତି ବିବରଣୀ ବ୍ୟାଙ୍କର ଶାଖା ତଥା ୱେବସାଇଟରେ ଉପଲବ୍ଧ ।
ତାରିଖ: ୧୧.୦୨.୨୦୨୭ ସ୍ଥାନ: କଟକ	Sd/- ପ୍ରାଧିକୃତ ଅଧିକାରୀ, ବ୍ୟାଙ୍କ ଅଫ ବରୋଦା
